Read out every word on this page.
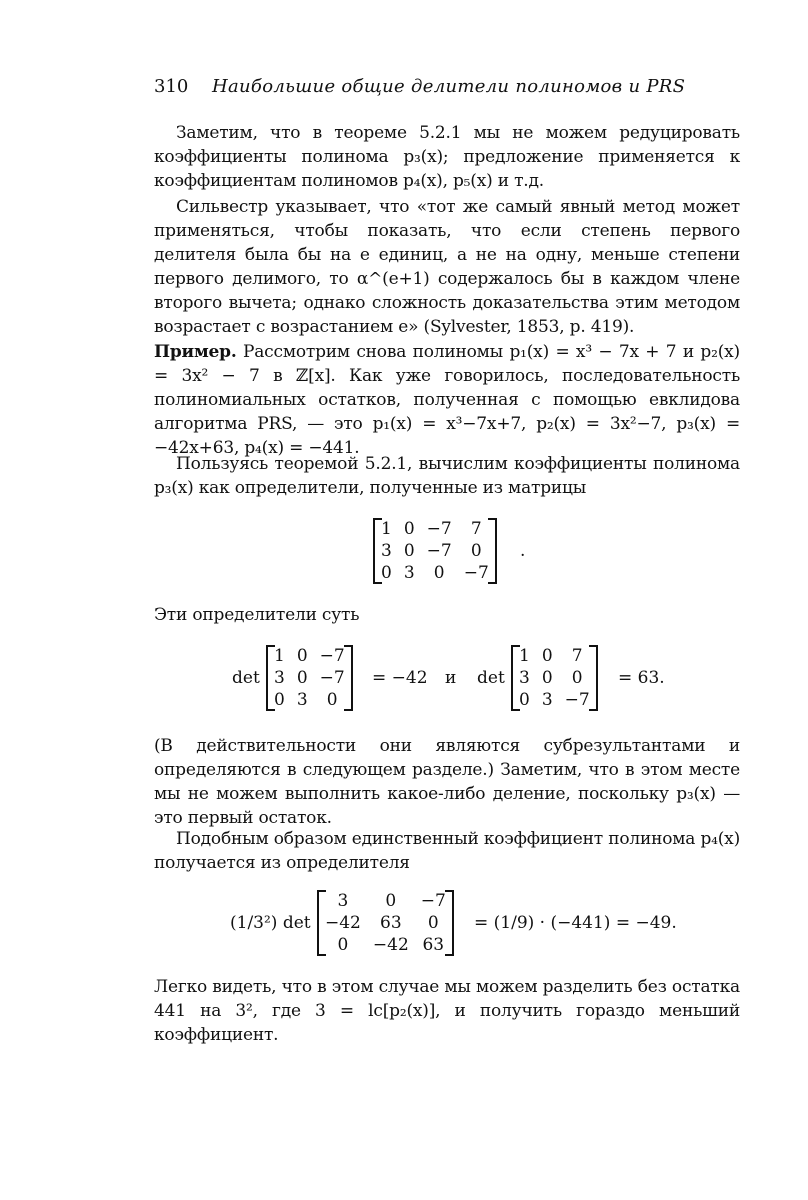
310 Наибольшие общие делители полиномов и PRS
Заметим, что в теореме 5.2.1 мы не можем редуцировать коэффициенты полинома p₃(x); предложение применяется к коэффициентам полиномов p₄(x), p₅(x) и т.д.
Сильвестр указывает, что «тот же самый явный метод может применяться, чтобы показать, что если степень первого делителя была бы на e единиц, а не на одну, меньше степени первого делимого, то α^(e+1) содержалось бы в каждом члене второго вычета; однако сложность доказательства этим методом возрастает с возрастанием e» (Sylvester, 1853, p. 419).
Пример. Рассмотрим снова полиномы p₁(x) = x³ − 7x + 7 и p₂(x) = 3x² − 7 в ℤ[x]. Как уже говорилось, последовательность полиномиальных остатков, полученная с помощью евклидова алгоритма PRS, — это p₁(x) = x³−7x+7, p₂(x) = 3x²−7, p₃(x) = −42x+63, p₄(x) = −441.
Пользуясь теоремой 5.2.1, вычислим коэффициенты полинома p₃(x) как определители, полученные из матрицы
1	0	−7	7
3	0	−7	0
0	3	0	−7
.
Эти определители суть
det
1	0	−7
3	0	−7
0	3	0
= −42 и det
1	0	7
3	0	0
0	3	−7
= 63.
(В действительности они являются субрезультантами и определяются в следующем разделе.) Заметим, что в этом месте мы не можем выполнить какое-либо деление, поскольку p₃(x) — это первый остаток.
Подобным образом единственный коэффициент полинома p₄(x) получается из определителя
(1/3²) det
3	0	−7
−42	63	0
0	−42	63
= (1/9) · (−441) = −49.
Легко видеть, что в этом случае мы можем разделить без остатка 441 на 3², где 3 = lc[p₂(x)], и получить гораздо меньший коэффициент.
